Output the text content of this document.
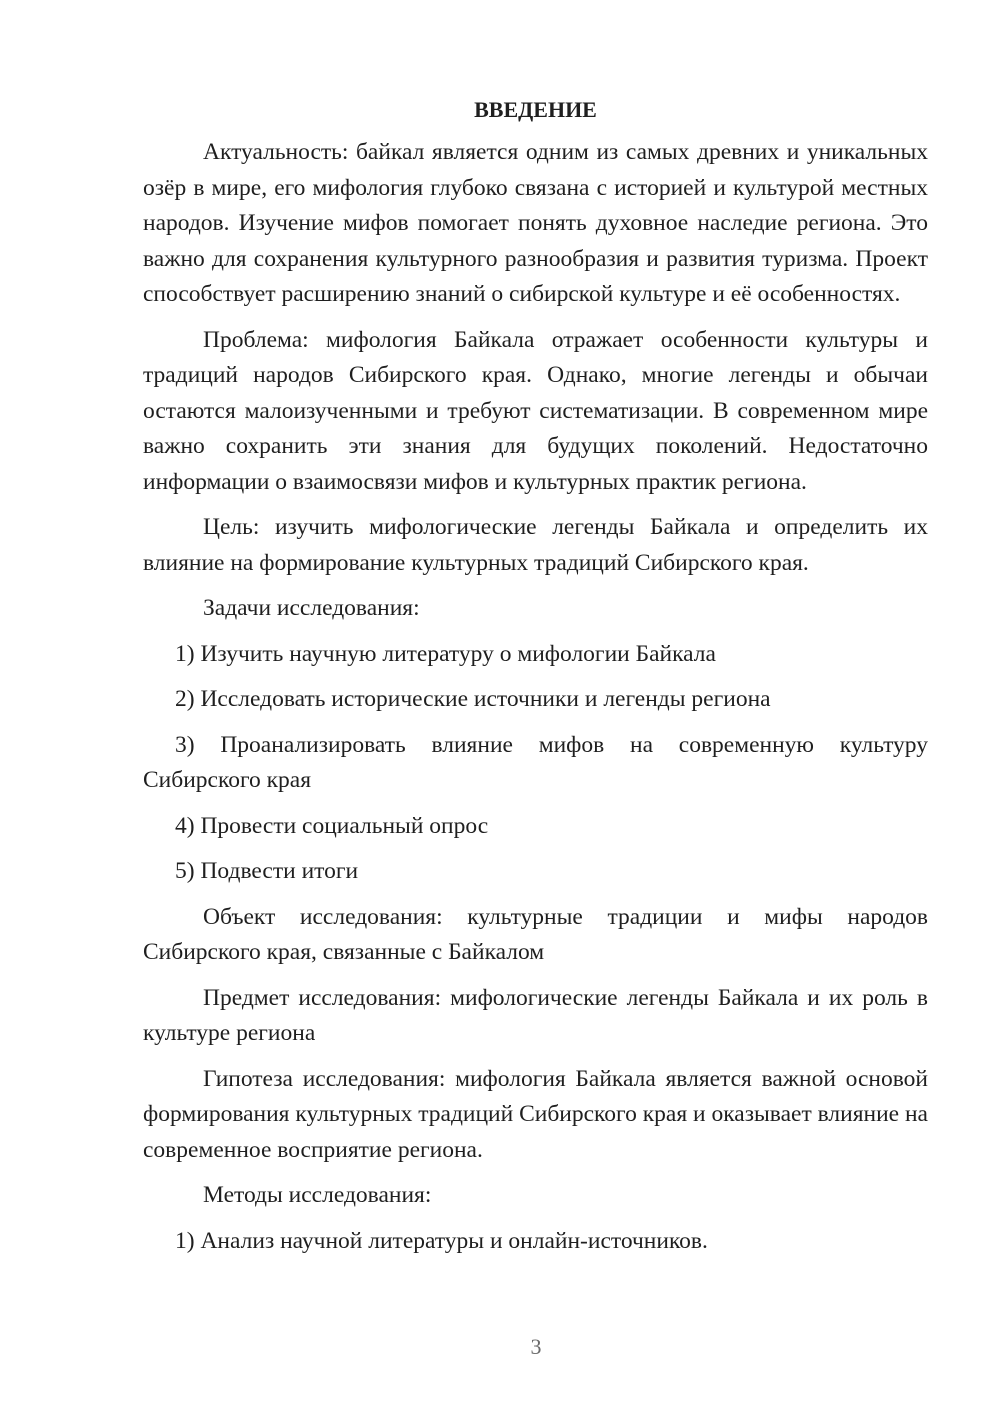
ВВЕДЕНИЕ

Актуальность: байкал является одним из самых древних и уникальных озёр в мире, его мифология глубоко связана с историей и культурой местных народов. Изучение мифов помогает понять духовное наследие региона. Это важно для сохранения культурного разнообразия и развития туризма. Проект способствует расширению знаний о сибирской культуре и её особенностях.

Проблема: мифология Байкала отражает особенности культуры и традиций народов Сибирского края. Однако, многие легенды и обычаи остаются малоизученными и требуют систематизации. В современном мире важно сохранить эти знания для будущих поколений. Недостаточно информации о взаимосвязи мифов и культурных практик региона.

Цель: изучить мифологические легенды Байкала и определить их влияние на формирование культурных традиций Сибирского края.

Задачи исследования:

1) Изучить научную литературу о мифологии Байкала

2) Исследовать исторические источники и легенды региона

3) Проанализировать влияние мифов на современную культуру Сибирского края

4) Провести социальный опрос

5) Подвести итоги

Объект исследования: культурные традиции и мифы народов Сибирского края, связанные с Байкалом

Предмет исследования: мифологические легенды Байкала и их роль в культуре региона

Гипотеза исследования: мифология Байкала является важной основой формирования культурных традиций Сибирского края и оказывает влияние на современное восприятие региона.

Методы исследования:

1) Анализ научной литературы и онлайн-источников.

3
